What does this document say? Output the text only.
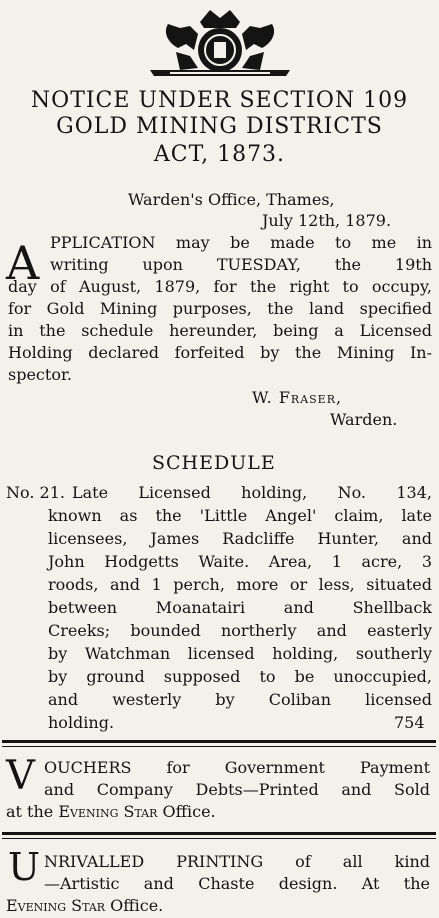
NOTICE UNDER SECTION 109
GOLD MINING DISTRICTS
ACT, 1873.
Warden's Office, Thames,
July 12th, 1879.
A PPLICATION may be made to me in
writing upon TUESDAY, the 19th
day of August, 1879, for the right to occupy,
for Gold Mining purposes, the land specified
in the schedule hereunder, being a Licensed
Holding declared forfeited by the Mining In-
spector.
W. Fraser,
Warden.
SCHEDULE
No. 21. Late Licensed holding, No. 134,
known as the 'Little Angel' claim, late
licensees, James Radcliffe Hunter, and
John Hodgetts Waite. Area, 1 acre, 3
roods, and 1 perch, more or less, situated
between Moanatairi and Shellback
Creeks; bounded northerly and easterly
by Watchman licensed holding, southerly
by ground supposed to be unoccupied,
and westerly by Coliban licensed
holding.	754
V OUCHERS for Government Payment
and Company Debts—Printed and Sold
at the Evening Star Office.
U NRIVALLED PRINTING of all kind
—Artistic and Chaste design. At the
Evening Star Office.
